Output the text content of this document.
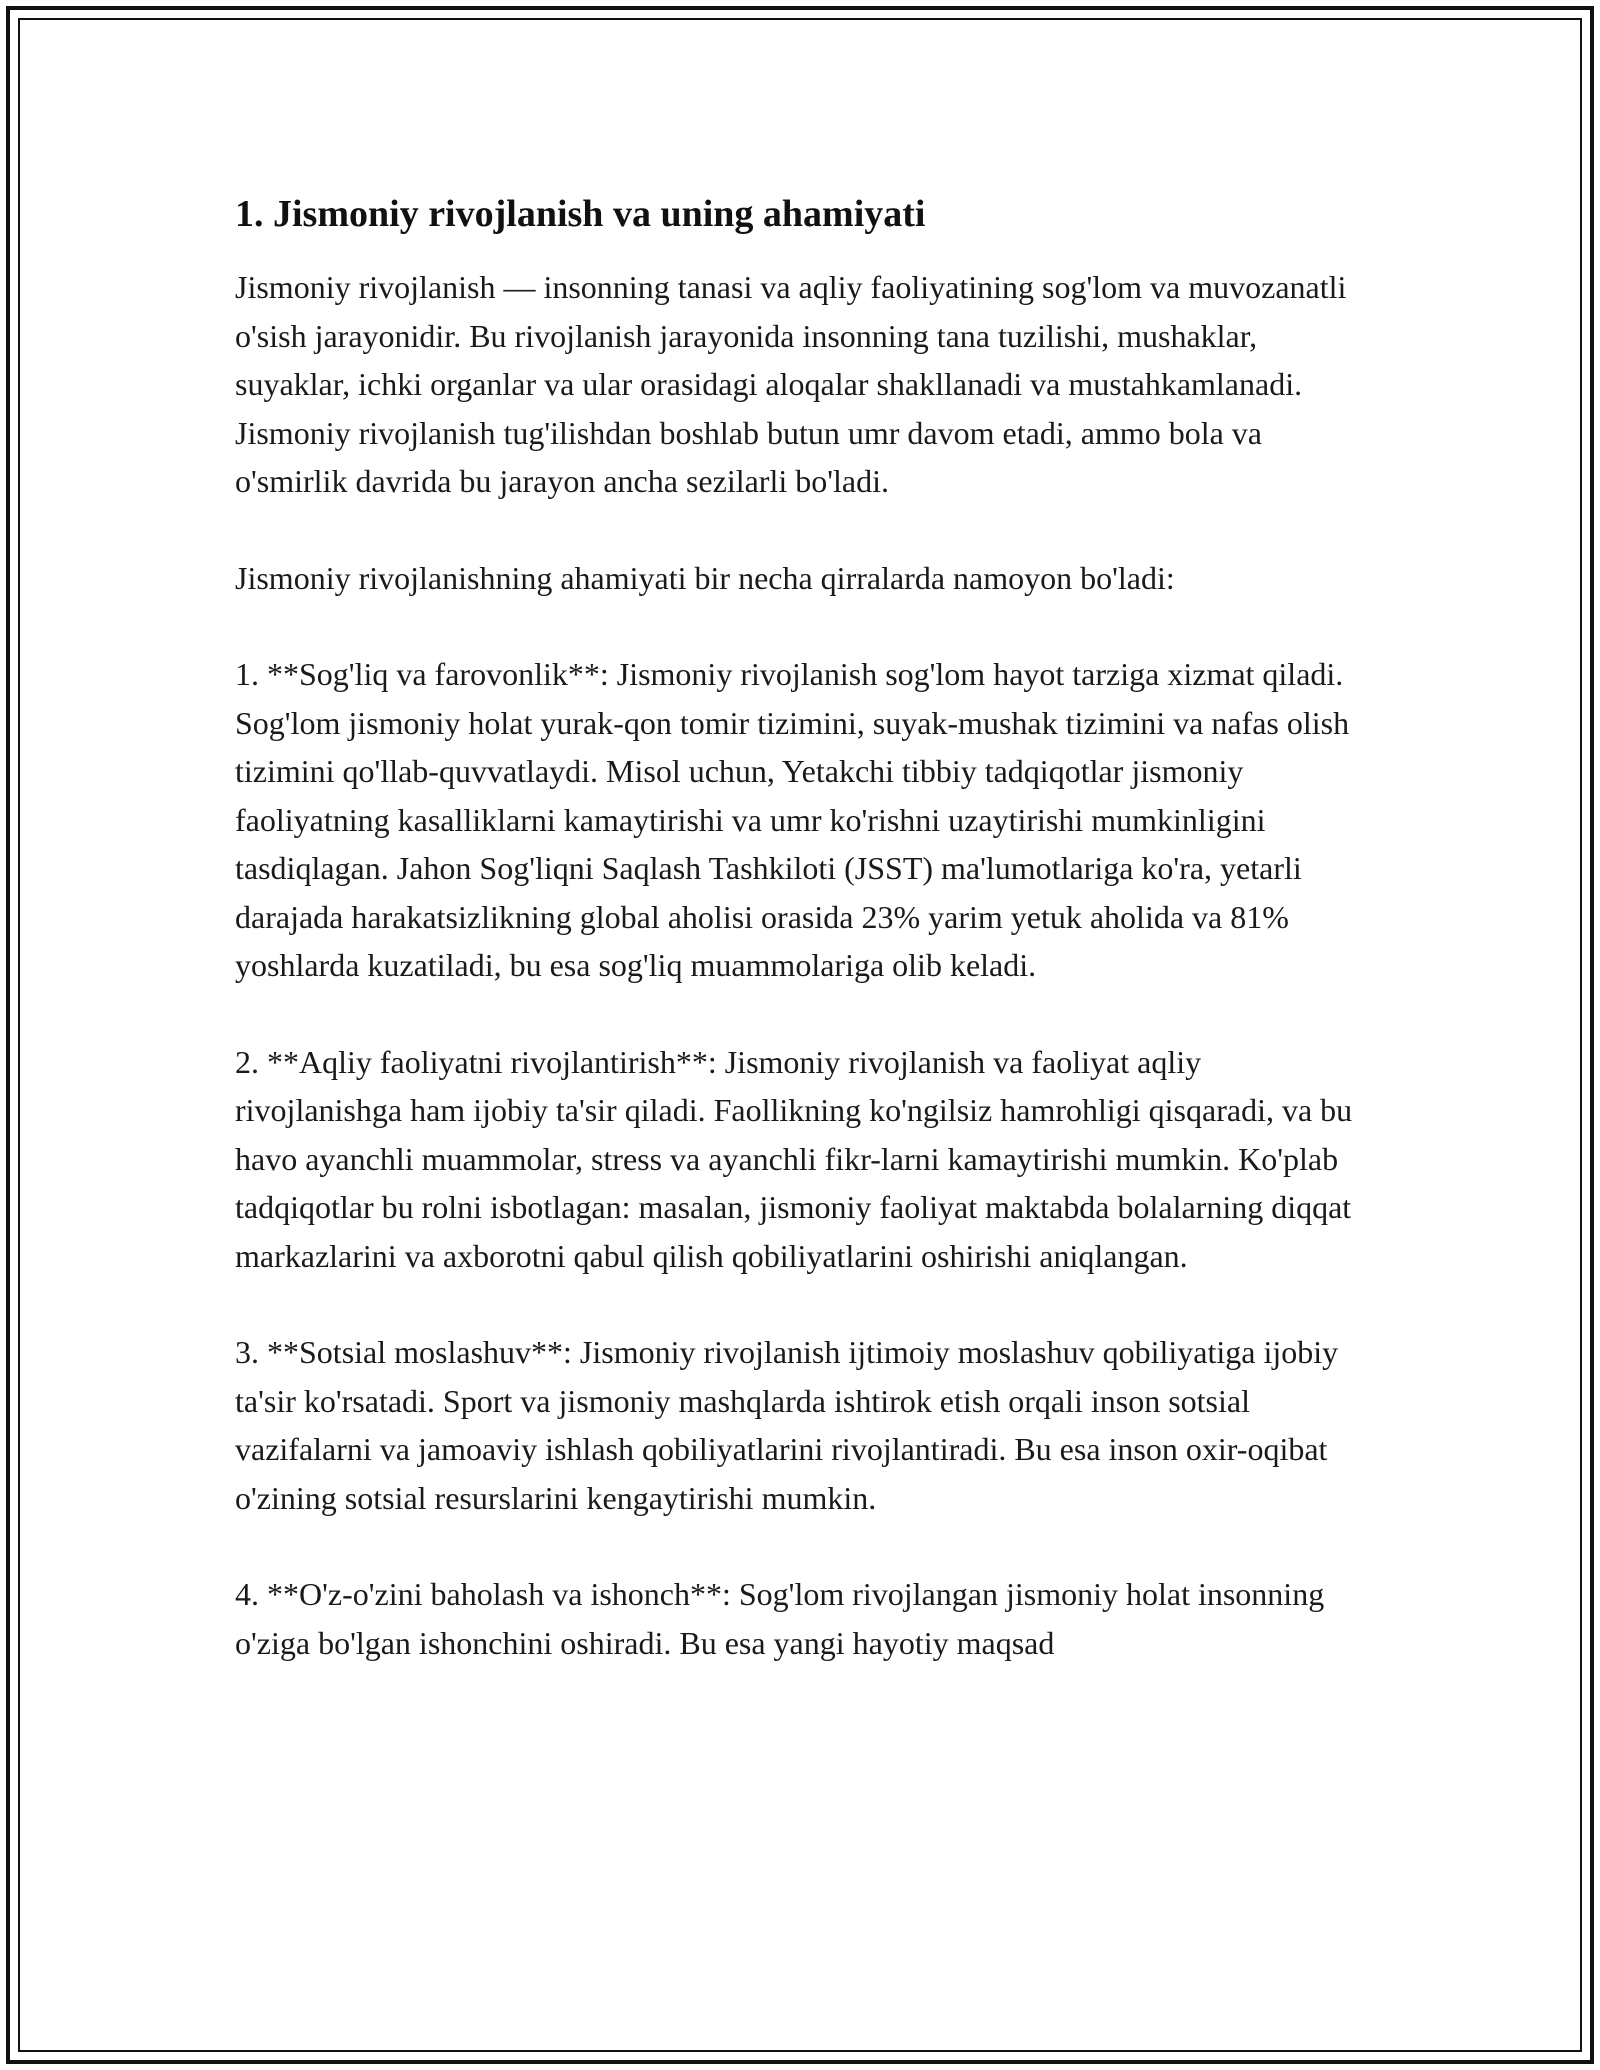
1. Jismoniy rivojlanish va uning ahamiyati

Jismoniy rivojlanish — insonning tanasi va aqliy faoliyatining sog'lom va muvozanatli o'sish jarayonidir. Bu rivojlanish jarayonida insonning tana tuzilishi, mushaklar, suyaklar, ichki organlar va ular orasidagi aloqalar shakllanadi va mustahkamlanadi. Jismoniy rivojlanish tug'ilishdan boshlab butun umr davom etadi, ammo bola va o'smirlik davrida bu jarayon ancha sezilarli bo'ladi.

Jismoniy rivojlanishning ahamiyati bir necha qirralarda namoyon bo'ladi:

1. **Sog'liq va farovonlik**: Jismoniy rivojlanish sog'lom hayot tarziga xizmat qiladi. Sog'lom jismoniy holat yurak-qon tomir tizimini, suyak-mushak tizimini va nafas olish tizimini qo'llab-quvvatlaydi. Misol uchun, Yetakchi tibbiy tadqiqotlar jismoniy faoliyatning kasalliklarni kamaytirishi va umr ko'rishni uzaytirishi mumkinligini tasdiqlagan. Jahon Sog'liqni Saqlash Tashkiloti (JSST) ma'lumotlariga ko'ra, yetarli darajada harakatsizlikning global aholisi orasida 23% yarim yetuk aholida va 81% yoshlarda kuzatiladi, bu esa sog'liq muammolariga olib keladi.

2. **Aqliy faoliyatni rivojlantirish**: Jismoniy rivojlanish va faoliyat aqliy rivojlanishga ham ijobiy ta'sir qiladi. Faollikning ko'ngilsiz hamrohligi qisqaradi, va bu havo ayanchli muammolar, stress va ayanchli fikr-larni kamaytirishi mumkin. Ko'plab tadqiqotlar bu rolni isbotlagan: masalan, jismoniy faoliyat maktabda bolalarning diqqat markazlarini va axborotni qabul qilish qobiliyatlarini oshirishi aniqlangan.

3. **Sotsial moslashuv**: Jismoniy rivojlanish ijtimoiy moslashuv qobiliyatiga ijobiy ta'sir ko'rsatadi. Sport va jismoniy mashqlarda ishtirok etish orqali inson sotsial vazifalarni va jamoaviy ishlash qobiliyatlarini rivojlantiradi. Bu esa inson oxir-oqibat o'zining sotsial resurslarini kengaytirishi mumkin.

4. **O'z-o'zini baholash va ishonch**: Sog'lom rivojlangan jismoniy holat insonning o'ziga bo'lgan ishonchini oshiradi. Bu esa yangi hayotiy maqsad
